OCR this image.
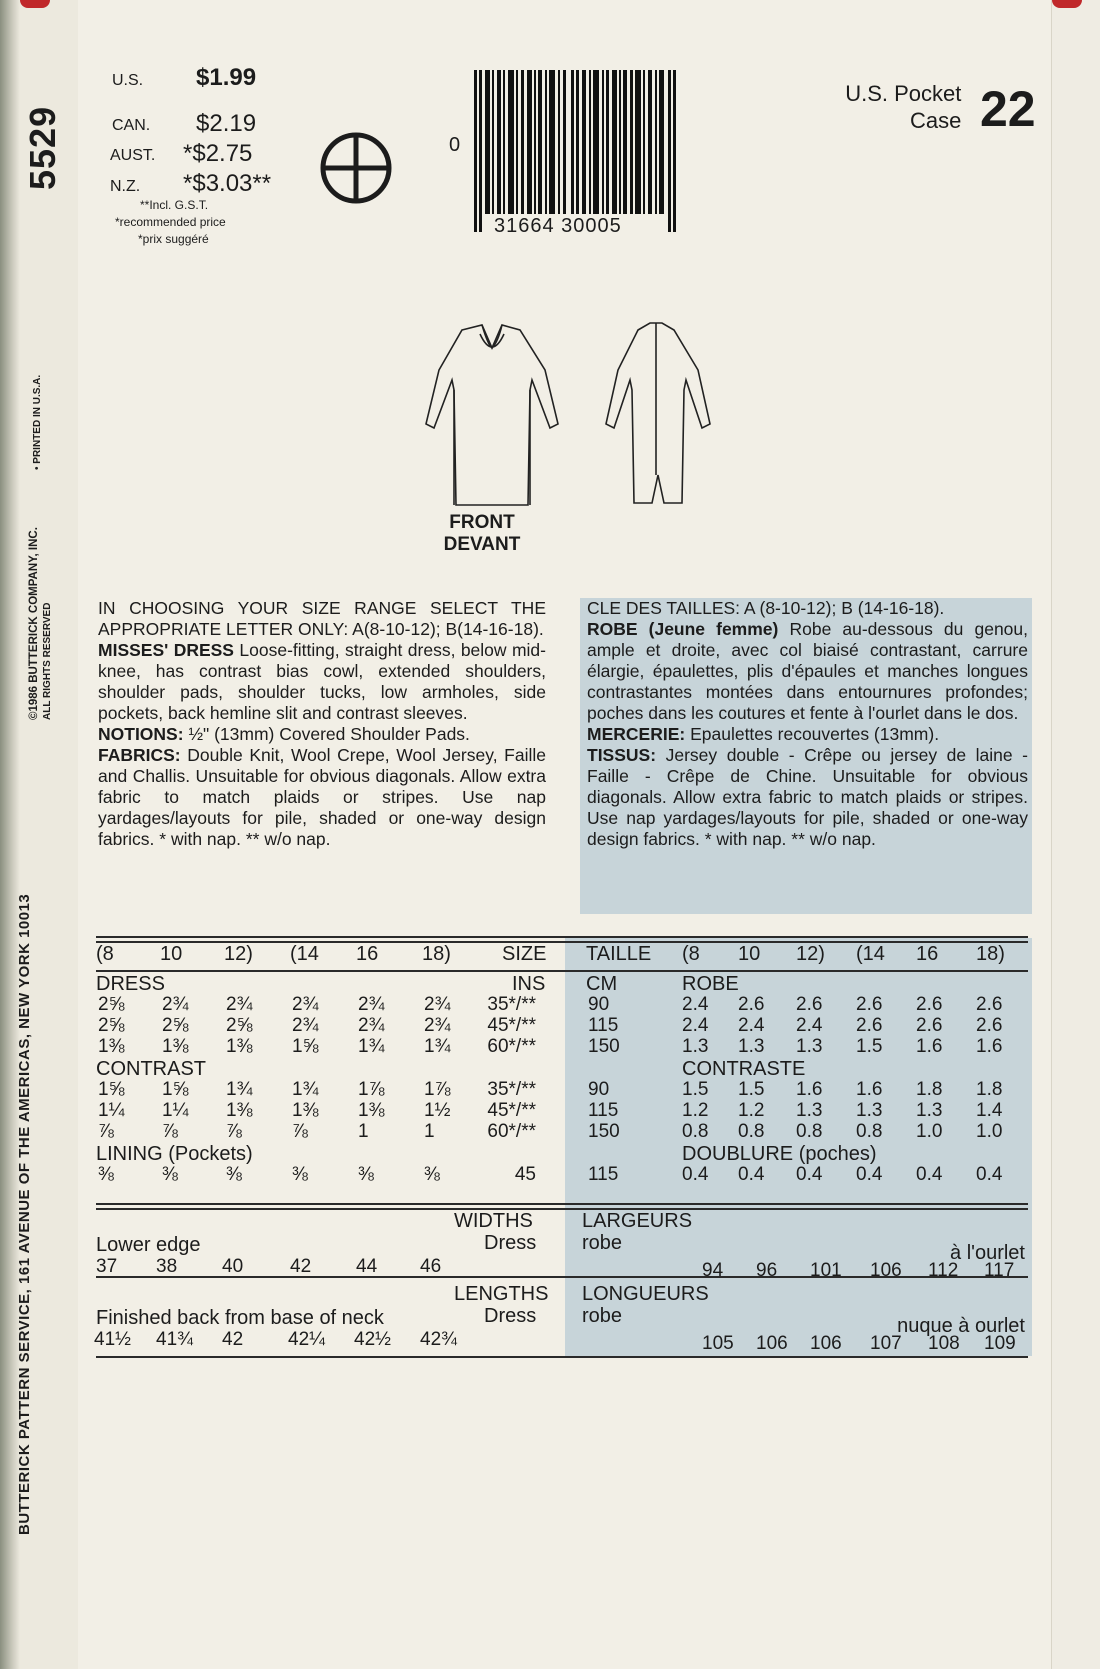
5529
©1986 BUTTERICK COMPANY, INC. ALL RIGHTS RESERVED
• PRINTED IN U.S.A.
BUTTERICK PATTERN SERVICE, 161 AVENUE OF THE AMERICAS, NEW YORK 10013
U.S. $1.99
CAN. $2.19
AUST. *$2.75
N.Z. *$3.03**
**Incl. G.S.T.
*recommended price
*prix suggéré
0
31664 30005
U.S. Pocket
Case 22
FRONT
DEVANT
IN CHOOSING YOUR SIZE RANGE SELECT THE APPROPRIATE LETTER ONLY: A(8-10-12); B(14-16-18).
MISSES' DRESS Loose-fitting, straight dress, below mid-knee, has contrast bias cowl, extended shoulders, shoulder pads, shoulder tucks, low armholes, side pockets, back hemline slit and contrast sleeves.
NOTIONS: ½" (13mm) Covered Shoulder Pads.
FABRICS: Double Knit, Wool Crepe, Wool Jersey, Faille and Challis. Unsuitable for obvious diagonals. Allow extra fabric to match plaids or stripes. Use nap yardages/layouts for pile, shaded or one-way design fabrics. * with nap. ** w/o nap.
CLE DES TAILLES: A (8-10-12); B (14-16-18).
ROBE (Jeune femme) Robe au-dessous du genou, ample et droite, avec col biaisé contrastant, carrure élargie, épaulettes, plis d'épaules et manches longues contrastantes montées dans entournures profondes; poches dans les coutures et fente à l'ourlet dans le dos.
MERCERIE: Epaulettes recouvertes (13mm).
TISSUS: Jersey double - Crêpe ou jersey de laine - Faille - Crêpe de Chine. Unsuitable for obvious diagonals. Allow extra fabric to match plaids or stripes. Use nap yardages/layouts for pile, shaded or one-way design fabrics. * with nap. ** w/o nap.
(8 10 12) (14 16 18)	SIZE TAILLE (8 10 12) (14 16 18)
INS CM
DRESS	ROBE
2⅝ 2¾ 2¾ 2¾ 2¾ 2¾	35*/**	90	2.4 2.6 2.6 2.6 2.6 2.6
2⅝ 2⅝ 2⅝ 2¾ 2¾ 2¾	45*/**	115	2.4 2.4 2.4 2.6 2.6 2.6
1⅜ 1⅜ 1⅜ 1⅝ 1¾ 1¾	60*/**	150	1.3 1.3 1.3 1.5 1.6 1.6
CONTRAST	CONTRASTE
1⅝ 1⅝ 1¾ 1¾ 1⅞ 1⅞	35*/**	90	1.5 1.5 1.6 1.6 1.8 1.8
1¼ 1¼ 1⅜ 1⅜ 1⅜ 1½	45*/**	115	1.2 1.2 1.3 1.3 1.3 1.4
⅞	⅞	⅞	⅞	1	1	60*/**	150	0.8 0.8 0.8 0.8 1.0 1.0
LINING (Pockets)	DOUBLURE (poches)
⅜	⅜	⅜	⅜	⅜	⅜	45	115	0.4 0.4 0.4 0.4 0.4 0.4
WIDTHS LARGEURS
Dress robe
Lower edge	à l'ourlet
37 38 40 42 44 46	94 96 101 106 112 117
LENGTHS LONGUEURS
Dress robe
Finished back from base of neck	nuque à ourlet
41½ 41¾ 42 42¼ 42½ 42¾	105 106 106 107 108 109
